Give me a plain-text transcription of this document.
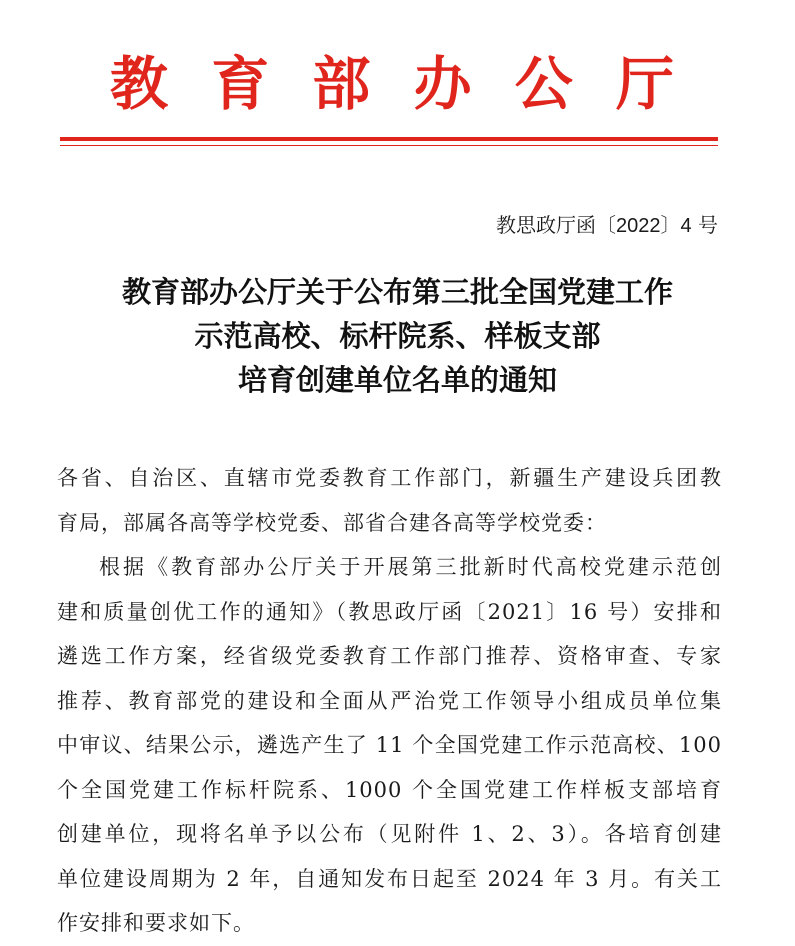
教 育 部 办 公 厅
教思政厅函〔2022〕4 号
教育部办公厅关于公布第三批全国党建工作
示范高校、标杆院系、样板支部
培育创建单位名单的通知
各省、自治区、直辖市党委教育工作部门，新疆生产建设兵团教
育局，部属各高等学校党委、部省合建各高等学校党委：
根据《教育部办公厅关于开展第三批新时代高校党建示范创
建和质量创优工作的通知》（教思政厅函〔2021〕16 号）安排和
遴选工作方案，经省级党委教育工作部门推荐、资格审查、专家
推荐、教育部党的建设和全面从严治党工作领导小组成员单位集
中审议、结果公示，遴选产生了 11 个全国党建工作示范高校、100
个全国党建工作标杆院系、1000 个全国党建工作样板支部培育
创建单位，现将名单予以公布（见附件 1、2、3）。各培育创建
单位建设周期为 2 年，自通知发布日起至 2024 年 3 月。有关工
作安排和要求如下。
